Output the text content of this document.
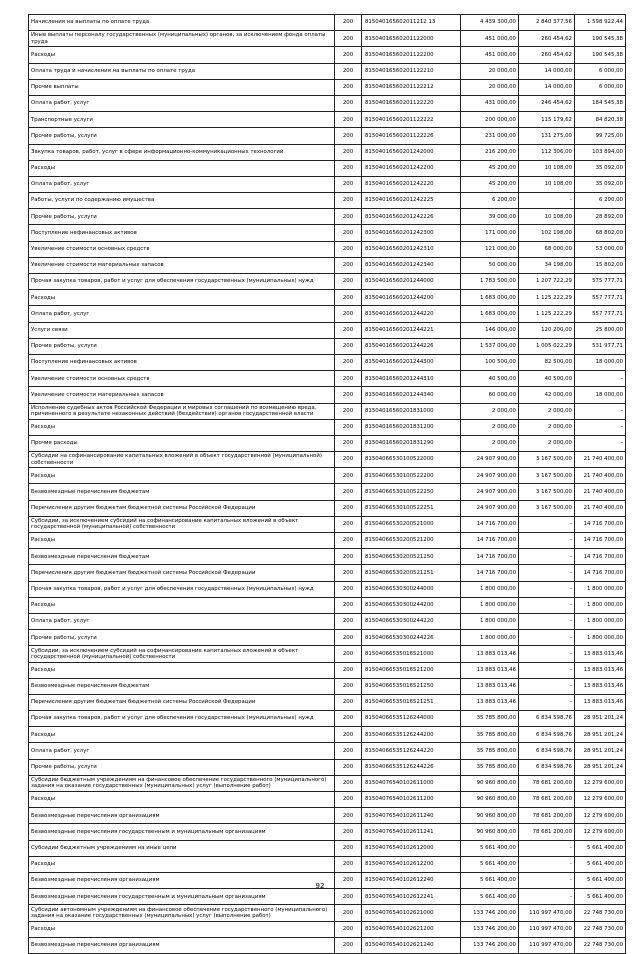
Начисления на выплаты по оплате труда	200	815040165602011212 13	4 439 300,00	2 840 377,56	1 598 922,44
Иные выплаты персоналу государственных (муниципальных) органов, за исключением фонда оплаты труда	200	81504016560201122000	451 000,00	260 454,62	190 545,38
Расходы	200	81504016560201122200	451 000,00	260 454,62	190 545,38
Оплата труда и начисления на выплаты по оплате труда	200	81504016560201122210	20 000,00	14 000,00	6 000,00
Прочие выплаты	200	81504016560201122212	20 000,00	14 000,00	6 000,00
Оплата работ, услуг	200	81504016560201122220	431 000,00	246 454,62	184 545,38
Транспортные услуги	200	81504016560201122222	200 000,00	115 179,62	84 820,38
Прочие работы, услуги	200	81504016560201122226	231 000,00	131 275,00	99 725,00
Закупка товаров, работ, услуг в сфере информационно-коммуникационных технологий	200	81504016560201242000	216 200,00	112 306,00	103 894,00
Расходы	200	81504016560201242200	45 200,00	10 108,00	35 092,00
Оплата работ, услуг	200	81504016560201242220	45 200,00	10 108,00	35 092,00
Работы, услуги по содержанию имущества	200	81504016560201242225	6 200,00	-	6 200,00
Прочие работы, услуги	200	81504016560201242226	39 000,00	10 108,00	28 892,00
Поступление нефинансовых активов	200	81504016560201242300	171 000,00	102 198,00	68 802,00
Увеличение стоимости основных средств	200	81504016560201242310	121 000,00	68 000,00	53 000,00
Увеличение стоимости материальных запасов	200	81504016560201242340	50 000,00	34 198,00	15 802,00
Прочая закупка товаров, работ и услуг для обеспечения государственных (муниципальных) нужд	200	81504016560201244000	1 783 500,00	1 207 722,29	575 777,71
Расходы	200	81504016560201244200	1 683 000,00	1 125 222,29	557 777,71
Оплата работ, услуг	200	81504016560201244220	1 683 000,00	1 125 222,29	557 777,71
Услуги связи	200	81504016560201244221	146 000,00	120 200,00	25 800,00
Прочие работы, услуги	200	81504016560201244226	1 537 000,00	1 005 022,29	531 977,71
Поступление нефинансовых активов	200	81504016560201244300	100 500,00	82 500,00	18 000,00
Увеличение стоимости основных средств	200	81504016560201244310	40 500,00	40 500,00	-
Увеличение стоимости материальных запасов	200	81504016560201244340	60 000,00	42 000,00	18 000,00
Исполнение судебных актов Российской Федерации и мировых соглашений по возмещению вреда, причиненного в результате незаконных действий (бездействия) органов государственной власти	200	81504016560201831000	2 000,00	2 000,00	-
Расходы	200	81504016560201831200	2 000,00	2 000,00	-
Прочие расходы	200	81504016560201831290	2 000,00	2 000,00	-
Субсидии на софинансирование капитальных вложений в объект государственной (муниципальной) собственности	200	81504066530100522000	24 907 900,00	3 167 500,00	21 740 400,00
Расходы	200	81504066530100522200	24 907 900,00	3 167 500,00	21 740 400,00
Безвозмездные перечисления бюджетам	200	81504066530100522250	24 907 900,00	3 167 500,00	21 740 400,00
Перечисления другим бюджетам бюджетной системы Российской Федерации	200	81504066530100522251	24 907 900,00	3 167 500,00	21 740 400,00
Субсидии, за исключением субсидий на софинансирование капитальных вложений в объект государственной (муниципальной) собственности	200	81504066530200521000	14 716 700,00	-	14 716 700,00
Расходы	200	81504066530200521200	14 716 700,00	-	14 716 700,00
Безвозмездные перечисления бюджетам	200	81504066530200521250	14 716 700,00	-	14 716 700,00
Перечисления другим бюджетам бюджетной системы Российской Федерации	200	81504066530200521251	14 716 700,00	-	14 716 700,00
Прочая закупка товаров, работ и услуг для обеспечения государственных (муниципальных) нужд	200	81504066530300244000	1 800 000,00	-	1 800 000,00
Расходы	200	81504066530300244200	1 800 000,00	-	1 800 000,00
Оплата работ, услуг	200	81504066530300244220	1 800 000,00	-	1 800 000,00
Прочие работы, услуги	200	81504066530300244226	1 800 000,00	-	1 800 000,00
Субсидии, за исключением субсидий на софинансирование капитальных вложений в объект государственной (муниципальной) собственности	200	81504066535016521000	13 883 013,46	-	13 883 013,46
Расходы	200	81504066535016521200	13 883 013,46	-	13 883 013,46
Безвозмездные перечисления бюджетам	200	81504066535016521250	13 883 013,46	-	13 883 013,46
Перечисления другим бюджетам бюджетной системы Российской Федерации	200	81504066535016521251	13 883 013,46	-	13 883 013,46
Прочая закупка товаров, работ и услуг для обеспечения государственных (муниципальных) нужд	200	81504066535126244000	35 785 800,00	6 834 598,76	28 951 201,24
Расходы	200	81504066535126244200	35 785 800,00	6 834 598,76	28 951 201,24
Оплата работ, услуг	200	81504066535126244220	35 785 800,00	6 834 598,76	28 951 201,24
Прочие работы, услуги	200	81504066535126244226	35 785 800,00	6 834 598,76	28 951 201,24
Субсидии бюджетным учреждениям на финансовое обеспечение государственного (муниципального) задания на оказание государственных (муниципальных) услуг (выполнение работ)	200	81504076540102611000	90 960 800,00	78 681 200,00	12 279 600,00
Расходы	200	81504076540102611200	90 960 800,00	78 681 200,00	12 279 600,00
Безвозмездные перечисления организациям	200	81504076540102611240	90 960 800,00	78 681 200,00	12 279 600,00
Безвозмездные перечисления государственным и муниципальным организациям	200	81504076540102611241	90 960 800,00	78 681 200,00	12 279 600,00
Субсидии бюджетным учреждениям на иные цели	200	81504076540102612000	5 661 400,00	-	5 661 400,00
Расходы	200	81504076540102612200	5 661 400,00	-	5 661 400,00
Безвозмездные перечисления организациям	200	81504076540102612240	5 661 400,00	-	5 661 400,00
Безвозмездные перечисления государственным и муниципальным организациям	200	81504076540102612241	5 661 400,00	-	5 661 400,00
Субсидии автономным учреждениям на финансовое обеспечение государственного (муниципального) задания на оказание государственных (муниципальных) услуг (выполнение работ)	200	81504076540102621000	133 746 200,00	110 997 470,00	22 748 730,00
Расходы	200	81504076540102621200	133 746 200,00	110 997 470,00	22 748 730,00
Безвозмездные перечисления организациям	200	81504076540102621240	133 746 200,00	110 997 470,00	22 748 730,00
92
